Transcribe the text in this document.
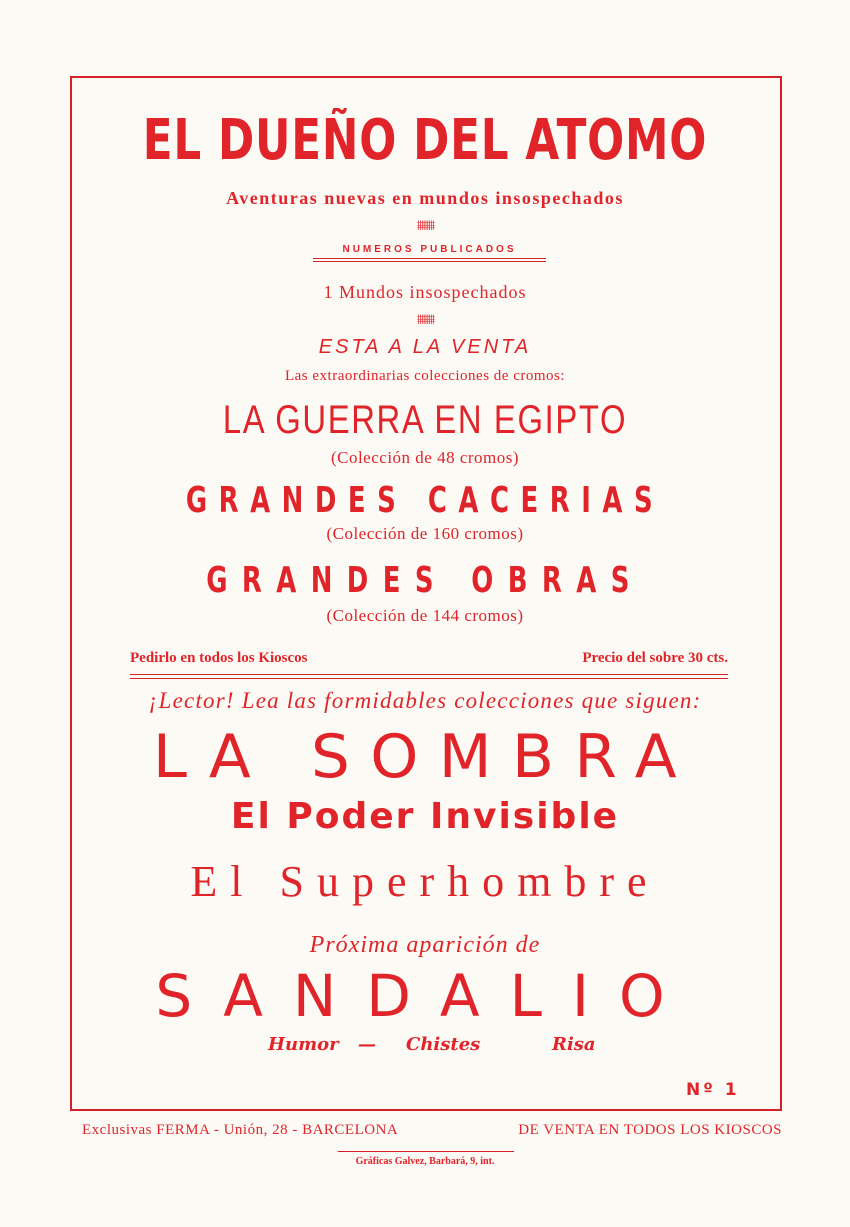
EL DUEÑO DEL ATOMO
Aventuras nuevas en mundos insospechados
⩩⩩⩩
NUMEROS PUBLICADOS
1 Mundos insospechados
⩩⩩⩩
ESTA A LA VENTA
Las extraordinarias colecciones de cromos:
LA GUERRA EN EGIPTO
(Colección de 48 cromos)
GRANDES CACERIAS
(Colección de 160 cromos)
GRANDES OBRAS
(Colección de 144 cromos)
Pedirlo en todos los Kioscos	Precio del sobre 30 cts.
¡Lector! Lea las formidables colecciones que siguen:
LA SOMBRA
El Poder Invisible
El Superhombre
Próxima aparición de
SANDALIO
Humor — Chistes	Risa
Nº 1
Exclusivas FERMA - Unión, 28 - BARCELONA	DE VENTA EN TODOS LOS KIOSCOS
Gráficas Galvez, Barbará, 9, int.
